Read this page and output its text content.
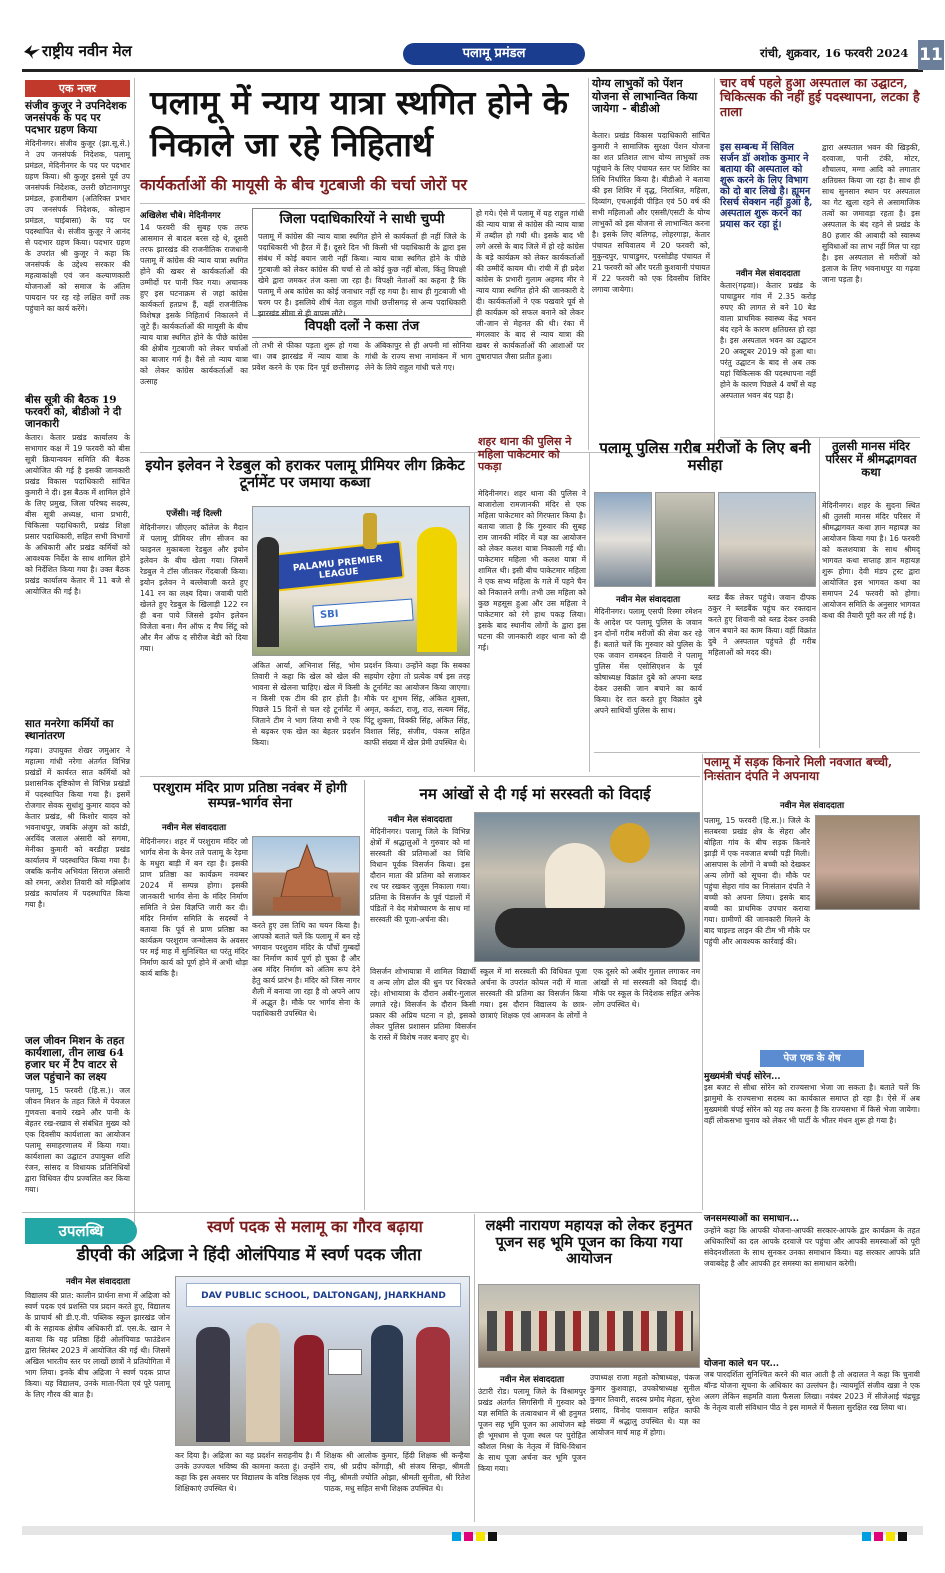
राष्ट्रीय नवीन मेल	पलामू प्रमंडल	रांची, शुक्रवार, 16 फरवरी 2024 11
एक नजर
संजीव कुजूर ने उपनिदेशक जनसंपर्क के पद पर पदभार ग्रहण किया
मेदिनीनगर। संजीव कुजूर (झा.सू.से.) ने उप जनसंपर्क निदेशक, पलामू प्रमंडल, मेदिनीनगर के पद पर पदभार ग्रहण किया। श्री कुजूर इससे पूर्व उप जनसंपर्क निदेशक, उत्तरी छोटानागपुर प्रमंडल, हजारीबाग (अतिरिक्त प्रभार उप जनसंपर्क निदेशक, कोल्हान प्रमंडल, चाईबासा) के पद पर पदस्थापित थे। संजीव कुजूर ने आनंद से पदभार ग्रहण किया। पदभार ग्रहण के उपरांत श्री कुजूर ने कहा कि जनसंपर्क के उद्देश्य सरकार की महत्वाकांक्षी एवं जन कल्याणकारी योजनाओं को समाज के अंतिम पायदान पर रह रहे लक्षित वर्गों तक पहुंचाने का कार्य करेंगे।
बीस सूत्री की बैठक 19 फरवरी को, बीडीओ ने दी जानकारी
केतार। केतार प्रखंड कार्यालय के सभागार कक्ष में 19 फरवरी को बीस सूत्री क्रियान्वयन समिति की बैठक आयोजित की गई है इसकी जानकारी प्रखंड विकास पदाधिकारी सांचित कुमारी ने दी। इस बैठक में शामिल होने के लिए प्रमुख, जिला परिषद सदस्य, बीस सूत्री अध्यक्ष, थाना प्रभारी, चिकित्सा पदाधिकारी, प्रखंड शिक्षा प्रसार पदाधिकारी, सहित सभी विभागों के अधिकारी और प्रखंड कर्मियों को आवश्यक निर्देश के साथ शामिल होने को निर्देशित किया गया है। उक्त बैठक प्रखंड कार्यालय केतार में 11 बजे से आयोजित की गई है।
सात मनरेगा कर्मियों का स्थानांतरण
गढ़वा। उपायुक्त शेखर जमुआर ने महात्मा गांधी नरेगा अंतर्गत विभिन्न प्रखंडों में कार्यरत सात कर्मियों को प्रशासनिक दृष्टिकोण से विभिन्न प्रखंडों में पदस्थापित किया गया है। इसमें रोजगार सेवक सुधांशु कुमार यादव को केतार प्रखंड, श्री किशोर यादव को भवनाथपुर, जबकि अंजुम को कांडी, अरविंद जलाल अंसारी को सगमा, मेनीका कुमारी को बरडीहा प्रखंड कार्यालय में पदस्थापित किया गया है। जबकि कनीय अभियंता सिराज अंसारी को रमना, अशेश तिवारी को मझिआंव प्रखंड कार्यालय में पदस्थापित किया गया है।
जल जीवन मिशन के तहत कार्यशाला, तीन लाख 64 हजार घर में टैप वाटर से जल पहुंचाने का लक्ष्य
पलामू, 15 फरवरी (हि.स.)। जल जीवन मिशन के तहत जिले में पेयजल गुणवत्ता बनाये रखने और पानी के बेहतर रख-रखाव से संबंधित मुख्य को एक दिवसीय कार्यशाला का आयोजन पलामू समाहरणालय में किया गया। कार्यशाला का उद्घाटन उपायुक्त शशि रंजन, सांसद व विधायक प्रतिनिधियों द्वारा विधिवत दीप प्रज्वलित कर किया गया।
पलामू में न्याय यात्रा स्थगित होने के निकाले जा रहे निहितार्थ
कार्यकर्ताओं की मायूसी के बीच गुटबाजी की चर्चा जोरों पर
अखिलेश चौबे। मेदिनीनगर
14 फरवरी की सुबह एक तरफ आसमान से बादल बरस रहे थे, दूसरी तरफ झारखंड की राजनीतिक राजधानी पलामू में कांग्रेस की न्याय यात्रा स्थगित होने की खबर से कार्यकर्ताओं की उम्मीदों पर पानी फिर गया। अचानक हुए इस घटनाक्रम से जहां कांग्रेस कार्यकर्ता हतप्रभ हैं, वहीं राजनीतिक विशेषज्ञ इसके निहितार्थ निकालने में जुटे हैं। कार्यकर्ताओं की मायूसी के बीच न्याय यात्रा स्थगित होने के पीछे कांग्रेस की क्षेत्रीय गुटबाजी को लेकर चर्चाओं का बाजार गर्म है। वैसे तो न्याय यात्रा को लेकर कांग्रेस कार्यकर्ताओं का उत्साह
जिला पदाधिकारियों ने साधी चुप्पी
पलामू में कांग्रेस की न्याय यात्रा स्थगित होने से कार्यकर्ता ही नहीं जिले के पदाधिकारी भी हैरत में हैं। दूसरे दिन भी किसी भी पदाधिकारी के द्वारा इस संबंध में कोई बयान जारी नहीं किया। न्याय यात्रा स्थगित होने के पीछे गुटबाजी को लेकर कांग्रेस की चर्चा से तो कोई कुछ नहीं बोला, किंतु विपक्षी खेमे द्वारा जमकर तंज कसा जा रहा है। विपक्षी नेताओं का कहना है कि पलामू में अब कांग्रेस का कोई जनाधार नहीं रह गया है। साथ ही गुटबाजी भी चरम पर है। इसलिये शीर्ष नेता राहुल गांधी छत्तीसगढ़ से अन्य पदाधिकारी झारखंड सीमा से ही वापस लौटे।
विपक्षी दलों ने कसा तंज
तो तभी से फीका पड़ता शुरू हो गया था। जब झारखंड में न्याय यात्रा के प्रवेश करने के एक दिन पूर्व छत्तीसगढ़ के अंबिकापुर से ही अपनी मां सोनिया गांधी के राज्य सभा नामांकन में भाग लेने के लिये राहुल गांधी चले गए।
हो गये। ऐसे में पलामू में यह राहुल गांधी की न्याय यात्रा से कांग्रेस की न्याय यात्रा में तब्दील हो गयी थी। इसके बाद भी लगे अरसे के बाद जिले में हो रहे कांग्रेस के बड़े कार्यक्रम को लेकर कार्यकर्ताओं की उम्मीदें कायम थी। रांची में ही प्रदेश कांग्रेस के प्रभारी गुलाम अहमद मीर ने न्याय यात्रा स्थगित होने की जानकारी दे दी। कार्यकर्ताओं ने एक पखवारे पूर्व से ही कार्यक्रम को सफल बनाने को लेकर जी-जान से मेहनत की थी। रंका में मंगलवार के बाद से न्याय यात्रा की खबर से कार्यकर्ताओं की आशाओं पर तुषारापात जैसा प्रतीत हुआ।
योग्य लाभुकों को पेंशन योजना से लाभान्वित किया जायेगा - बीडीओ
केतार। प्रखंड विकास पदाधिकारी सांचित कुमारी ने सामाजिक सुरक्षा पेंशन योजना का शत प्रतिशत लाभ योग्य लाभुकों तक पहुंचाने के लिए पंचायत स्तर पर शिविर का तिथि निर्धारित किया है। बीडीओ ने बताया की इस शिविर में वृद्ध, निराश्रित, महिला, दिव्यांग, एचआईवी पीड़ित एवं 50 वर्ष की सभी महिलाओं और एससी/एसटी के योग्य लाभुकों को इस योजना से लाभान्वित करना है। इसके लिए बलिगढ़, लोहरगाड़ा, केतार पंचायत सचिवालय में 20 फरवरी को, मुकुन्दपुर, पाचाडुमर, परसोडीह पंचायत में 21 फरवरी को और परती कुशवानी पंचायत में 22 फरवरी को एक दिवसीय शिविर लगाया जायेगा।
चार वर्ष पहले हुआ अस्पताल का उद्घाटन, चिकित्सक की नहीं हुई पदस्थापना, लटका है ताला
इस सम्बन्ध में सिविल सर्जन डॉ अशोक कुमार ने बताया की अस्पताल को शुरू करने के लिए विभाग को दो बार लिखे है। ह्यूमन रिसर्च सेक्शन नहीं हुआ है, अस्पताल शुरू करने का प्रयास कर रहा हूं।
नवीन मेल संवाददाता
केतार(गढ़वा)। केतार प्रखंड के पाचाडुमर गांव में 2.35 करोड़ रुपए की लागत से बने 10 बेड वाला प्राथमिक स्वास्थ्य केंद्र भवन बंद रहने के कारण क्षतिग्रस्त हो रहा है। इस अस्पताल भवन का उद्घाटन 20 अक्टूबर 2019 को हुआ था। परंतु उद्घाटन के बाद से अब तक यहां चिकित्सक की पदस्थापना नहीं होने के कारण पिछले 4 वर्षों से यह अस्पताल भवन बंद पड़ा है।
द्वारा अस्पताल भवन की खिड़की, दरवाजा, पानी टंकी, मोटर, शौचालय, मग्गा आदि को लगातार क्षतिग्रस्त किया जा रहा है। साथ ही साथ सुनसान स्थान पर अस्पताल का गेट खुला रहने से असामाजिक तत्वों का जमावड़ा रहता है। इस अस्पताल के बंद रहने से प्रखंड के 80 हजार की आबादी को स्वास्थ्य सुविधाओं का लाभ नहीं मिल पा रहा है। इस अस्पताल से मरीजों को इलाज के लिए भवनाथपुर या गढ़वा जाना पड़ता है।
तुलसी मानस मंदिर परिसर में श्रीमद्भागवत कथा
मेदिनीनगर। शहर के सुदना स्थित श्री तुलसी मानस मंदिर परिसर में श्रीमद्भागवत कथा ज्ञान महायज्ञ का आयोजन किया गया है। 16 फरवरी को कलशयात्रा के साथ श्रीमद् भागवत कथा सप्ताह ज्ञान महायज्ञ शुरू होगा। देवी मंडप ट्रस्ट द्वारा आयोजित इस भागवत कथा का समापन 24 फरवरी को होगा। आयोजन समिति के अनुसार भागवत कथा की तैयारी पूरी कर ली गई है।
इयोन इलेवन ने रेडबुल को हराकर पलामू प्रीमियर लीग क्रिकेट टूर्नामेंट पर जमाया कब्जा
एजेंसी। नई दिल्ली
मेदिनीनगर। जीएलए कॉलेज के मैदान में पलामू प्रीमियर लीग सीजन का फाइनल मुकाबला रेडबुल और इयोन इलेवन के बीच खेला गया। जिसमें रेडबुल ने टॉस जीतकर गेंदबाजी किया। इयोन इलेवन ने बल्लेबाजी करते हुए 141 रन का लक्ष्य दिया। जवाबी पारी खेलते हुए रेडबुल के खिलाड़ी 122 रन ही बना पाये जिससे इयोन इलेवन विजेता बना। मैन ऑफ द मैच सिंटू को और मैन ऑफ द सीरीज बेडी को दिया गया।
PALAMU PREMIER LEAGUE
SBI
अंकित आर्या, अभिनाश सिंह, भोम तिवारी ने कहा कि खेल को खेल की भावना से खेलना चाहिए। खेल में किसी न किसी एक टीम की हार होती है। पिछले 15 दिनों से चल रहे टूर्नामेंट में जिताने टीम ने भाग लिया सभी ने एक से बढ़कर एक खेल का बेहतर प्रदर्शन किया।
प्रदर्शन किया। उन्होंने कहा कि सबका सहयोग रहेगा तो प्रत्येक वर्ष इस तरह के टूर्नामेंट का आयोजन किया जाएगा। मौके पर शुभम सिंह, अंकित शुक्ला, अमृत, कर्कटा, राजू, राउ, सत्यम सिंह, पिंटू शुक्ला, विक्की सिंह, अंकित सिंह, विशाल सिंह, संजीव, पंकज सहित काफी संख्या में खेल प्रेमी उपस्थित थे।
शहर थाना की पुलिस ने महिला पाकेटमार को पकड़ा
मेदिनीनगर। शहर थाना की पुलिस ने बाजारोला रामजानकी मंदिर से एक महिला पाकेटमार को गिरफ्तार किया है। बताया जाता है कि गुरुवार की सुबह राम जानकी मंदिर में यज्ञ का आयोजन को लेकर कलश यात्रा निकाली गई थी। पाकेटमार महिला भी कलश यात्रा में शामिल थी। इसी बीच पाकेटमार महिला ने एक सभ्य महिला के गले में पहने चैन को निकालने लगी। तभी उस महिला को कुछ महसूस हुआ और उस महिला ने पाकेटमार को रंगे हाथ पकड़ लिया। इसके बाद स्थानीय लोगों के द्वारा इस घटना की जानकारी शहर थाना को दी गई।
पलामू पुलिस गरीब मरीजों के लिए बनी मसीहा
नवीन मेल संवाददाता
मेदिनीनगर। पलामू एसपी रिस्मा रमेशन के आदेश पर पलामू पुलिस के जवान इन दोनों गरीब मरीजों की सेवा कर रहे हैं। बताते चलें कि गुरुवार को पुलिस के एक जवान रामबदन तिवारी ने पलामू पुलिस मेंस एसोसिएशन के पूर्व कोषाध्यक्ष विक्रांत दुबे को अपना ब्लड देकर उसकी जान बचाने का कार्य किया। देर रात करते हुए विक्रांत दुबे अपने साथियों पुलिस के साथ।
ब्लड बैंक लेकर पहुंचे। जवान दीपक ठकुर ने ब्लडबैंक पहुंच कर रक्तदान करते हुए शिवानी को ब्लड देकर उनकी जान बचाने का काम किया। वहीं विक्रांत दुबे ने अस्पताल पहुंचते ही गरीब महिलाओं को मदद की।
पलामू में सड़क किनारे मिली नवजात बच्ची, निःसंतान दंपति ने अपनाया
नवीन मेल संवाददाता
पलामू, 15 फरवरी (हि.स.)। जिले के सतबरवा प्रखंड क्षेत्र के सेहरा और बोहिता गांव के बीच सड़क किनारे झाड़ी में एक नवजात बच्ची पड़ी मिली। आसपास के लोगों ने बच्ची को देखकर अन्य लोगों को सूचना दी। मौके पर पहुंचा सेहरा गांव का निःसंतान दंपति ने बच्ची को अपना लिया। इसके बाद बच्ची का प्राथमिक उपचार कराया गया। ग्रामीणों की जानकारी मिलने के बाद चाइल्ड लाइन की टीम भी मौके पर पहुंची और आवश्यक कार्रवाई की।
परशुराम मंदिर प्राण प्रतिष्ठा नवंबर में होगी सम्पन्न-भार्गव सेना
नवीन मेल संवाददाता
मेदिनीनगर। शहर में परशुराम मंदिर जो भार्गव सेना के बेनर तले पलामू के रेड़मा के मधुरा बाड़ी में बन रहा है। इसकी प्राण प्रतिष्ठा का कार्यक्रम नवम्बर 2024 में सम्पन्न होगा। इसकी जानकारी भार्गव सेना के मंदिर निर्माण समिति ने प्रेस विज्ञप्ति जारी कर दी। मंदिर निर्माण समिति के सदस्यों ने बताया कि पूर्व से प्राण प्रतिष्ठा का कार्यक्रम परशुराम जन्मोत्सव के अवसर पर मई माह में सुनिश्चित था परंतु मंदिर निर्माण कार्य को पूर्ण होने में अभी थोड़ा कार्य बाकि है।
करते हुए उस तिथि का चयन किया है। आपको बताते चलें कि पलामू में बन रहे भगवान परशुराम मंदिर के पाँचों गुम्बदों का निर्माण कार्य पूर्ण हो चुका है और अब मंदिर निर्माण को अंतिम रूप देने हेतु कार्य प्रारंभ है। मंदिर को जिस नागर शैली में बनाया जा रहा है वो अपने आप में अद्भुत है। मौके पर भार्गव सेना के पदाधिकारी उपस्थित थे।
नम आंखों से दी गई मां सरस्वती को विदाई
नवीन मेल संवाददाता
मेदिनीनगर। पलामू जिले के विभिन्न क्षेत्रों में श्रद्धालुओं ने गुरुवार को मां सरस्वती की प्रतिमाओं का विधि विधान पूर्वक विसर्जन किया। इस दौरान माता की प्रतिमा को सजाकर रथ पर रखकर जुलूस निकाला गया। प्रतिमा के विसर्जन के पूर्व पंडालों में पंडितों ने वेद मंत्रोच्चारण के साथ मां सरस्वती की पूजा-अर्चना की।
विसर्जन शोभायात्रा में शामिल विद्यार्थी व अन्य लोग ढोल की धुन पर थिरकते रहे। शोभायात्रा के दौरान अबीर-गुलाल लगाते रहे। विसर्जन के दौरान किसी प्रकार की अप्रिय घटना न हो, इसको लेकर पुलिस प्रशासन प्रतिमा विसर्जन के रास्ते में विशेष नजर बनाए हुए थे।
स्कूल में मां सरस्वती की विधिवत पूजा अर्चना के उपरांत कोयल नदी में माता सरस्वती की प्रतिमा का विसर्जन किया गया। इस दौरान विद्यालय के छात्र-छात्राएं शिक्षक एवं आमजन के लोगों ने एक दूसरे को अबीर गुलाल लगाकर नम आंखों से मां सरस्वती को विदाई दी। मौके पर स्कूल के निदेशक सहित अनेक लोग उपस्थित थे।
पेज एक के शेष
मुख्यमंत्री चंपई सोरेन...
इस बजट से सीधा सोरेन को राज्यसभा भेजा जा सकता है। बताते चलें कि झामुमो के राज्यसभा सदस्य का कार्यकाल समाप्त हो रहा है। ऐसे में अब मुख्यमंत्री चंपई सोरेन को यह तय करना है कि राज्यसभा में किसे भेजा जायेगा। वहीं लोकसभा चुनाव को लेकर भी पार्टी के भीतर मंथन शुरू हो गया है।
जनसमस्याओं का समाधान...
उन्होंने कहा कि आपकी योजना-आपकी सरकार-आपके द्वार कार्यक्रम के तहत अधिकारियों का दल आपके दरवाजे पर पहुंचा और आपकी समस्याओं को पूरी संवेदनशीलता के साथ सुनकर उनका समाधान किया। यह सरकार आपके प्रति जवाबदेह है और आपकी हर समस्या का समाधान करेगी।
योजना काले धन पर...
जब पारदर्शिता सुनिश्चित करने की बात आती है तो अदालत ने कहा कि चुनावी बॉन्ड योजना सूचना के अधिकार का उल्लंघन है। न्यायमूर्ति संजीव खन्ना ने एक अलग लेकिन सहमति वाला फैसला लिखा। नवंबर 2023 में सीजेआई चंद्रचूड़ के नेतृत्व वाली संविधान पीठ ने इस मामले में फैसला सुरक्षित रख लिया था।
उपलब्धि	स्वर्ण पदक से मलामू का गौरव बढ़ाया
डीएवी की अद्रिजा ने हिंदी ओलंपियाड में स्वर्ण पदक जीता
नवीन मेल संवाददाता
विद्यालय की प्रात: कालीन प्रार्थना सभा में अद्रिजा को स्वर्ण पदक एवं प्रशस्ति पत्र प्रदान करते हुए, विद्यालय के प्राचार्य श्री डी.ए.वी. पब्लिक स्कूल झारखंड जोन बी के सहायक क्षेत्रीय अधिकारी डॉ. एस.के. खान ने बताया कि यह प्रतिष्ठा हिंदी ओलंपियाड फाउंडेशन द्वारा सितंबर 2023 में आयोजित की गई थी। जिसमें अखिल भारतीय स्तर पर लाखों छात्रों ने प्रतियोगिता में भाग लिया। इनके बीच अद्रिजा ने स्वर्ण पदक प्राप्त किया। यह विद्यालय, उनके माता-पिता एवं पूरे पलामू के लिए गौरव की बात है।
DAV PUBLIC SCHOOL, DALTONGANJ, JHARKHAND
कर दिया है। अद्रिजा का यह प्रदर्शन सराहनीय है। मैं उनके उज्ज्वल भविष्य की कामना करता हूं। उन्होंने कहा कि इस अवसर पर विद्यालय के वरिष्ठ शिक्षक एवं शिक्षिकाएं उपस्थित थे।
शिक्षक श्री आलोक कुमार, हिंदी शिक्षक श्री कन्हैया राय, श्री प्रदीप कोंगाड़ी, श्री संजय सिन्हा, श्रीमती नीतू, श्रीमती ज्योति ओझा, श्रीमती सुनीता, श्री रितेश पाठक, मधु सहित सभी शिक्षक उपस्थित थे।
लक्ष्मी नारायण महायज्ञ को लेकर हनुमत पूजन सह भूमि पूजन का किया गया आयोजन
नवीन मेल संवाददाता
उंटारी रोड। पलामू जिले के विश्रामपुर प्रखंड अंतर्गत सिगसिगी में गुरुवार को यज्ञ समिति के तत्वावधान में श्री हनुमत पूजन सह भूमि पूजन का आयोजन बड़े ही भूमधाम से पूजा स्थल पर पुरोहित कौशल मिश्रा के नेतृत्व में विधि-विधान के साथ पूजा अर्चना कर भूमि पूजन किया गया।
उपाध्यक्ष राजा महतो कोषाध्यक्ष, पंकज कुमार कुशवाहा, उपकोषाध्यक्ष सुनील कुमार तिवारी, सदस्य प्रमोद मेहता, सुरेश प्रसाद, विनोद पासवान सहित काफी संख्या में श्रद्धालु उपस्थित थे। यज्ञ का आयोजन मार्च माह में होगा।
